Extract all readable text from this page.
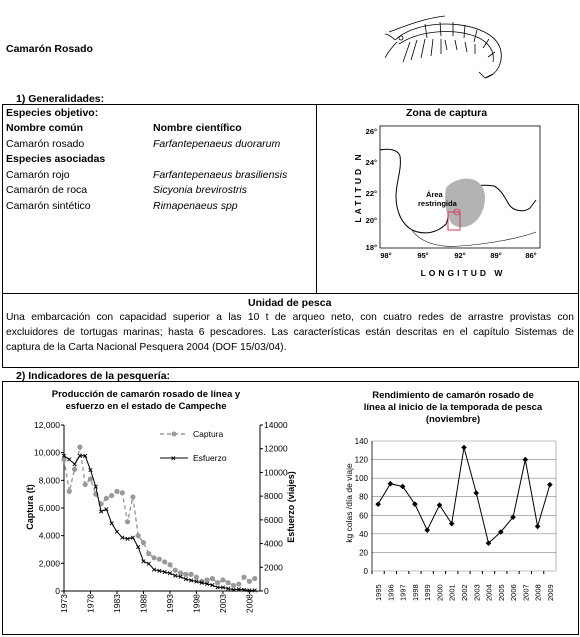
Camarón Rosado
1) Generalidades:
Especies objetivo:
Nombre común	Nombre científico
Camarón rosado	Farfantepenaeus duorarum
Especies asociadas
Camarón rojo	Farfantepenaeus brasiliensis
Camarón de roca	Sicyonia brevirostris
Camarón sintético	Rimapenaeus spp
Zona de captura
Área
restringida
26°
24°
22°
20°
18°
98°	95°	92°	89°	86°
LONGITUD W
LATITUD N
Unidad de pesca
Una embarcación con capacidad superior a las 10 t de arqueo neto, con cuatro redes de arrastre provistas con
excluidores de tortugas marinas; hasta 6 pescadores. Las características están descritas en el capítulo Sistemas de
captura de la Carta Nacional Pesquera 2004 (DOF 15/03/04).
2) Indicadores de la pesquería:
Producción de camarón rosado de línea y
esfuerzo en el estado de Campeche
Captura (t)	Esfuerzo (viajes)
0
2,000
4,000
6,000
8,000
10,000
12,000
0
2000
4000
6000
8000
10000
12000
14000
1973 1978 1983 1988 1993 1998 2003 2008
Captura
× Esfuerzo
Rendimiento de camarón rosado de
línea al inicio de la temporada de pesca
(noviembre)
kg colas /día de viaje
0
20
40
60
80
100
120
140
1995 1996 1997 1998 1999 2000 2001 2002 2003 2004 2005 2006 2007 2008 2009
